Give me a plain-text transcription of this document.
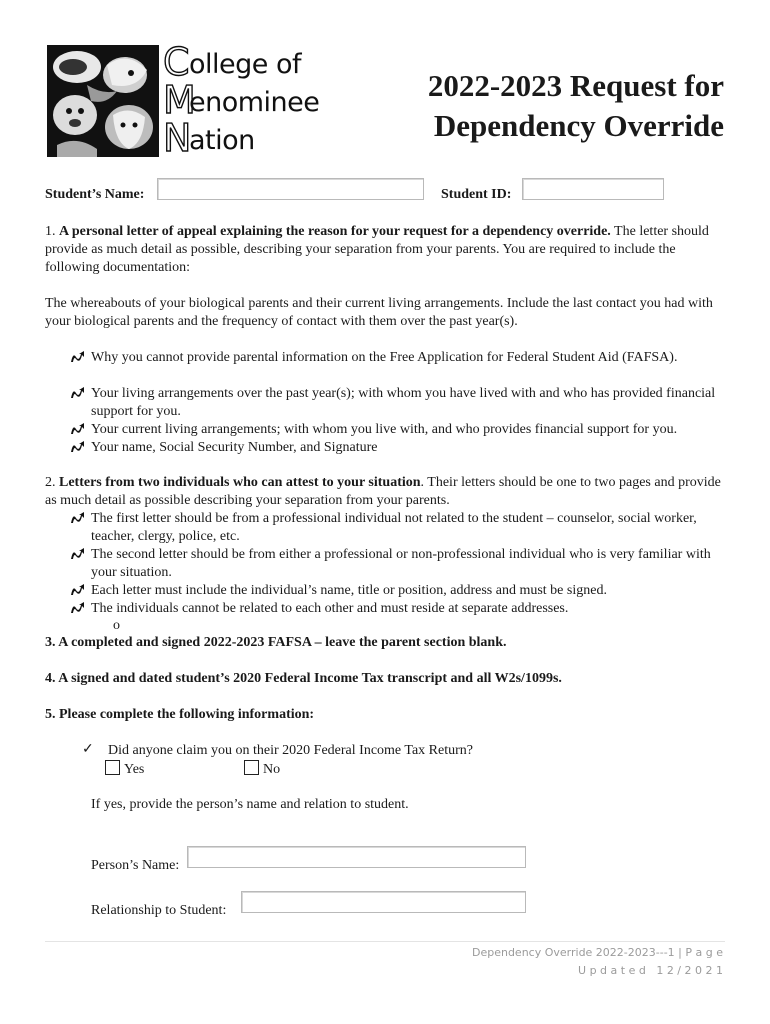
C ollege of
M
enominee
N
ation
2022-2023 Request for
Dependency Override
Student’s Name:	Student ID:
1. A personal letter of appeal explaining the reason for your request for a dependency override. The letter should provide as much detail as possible, describing your separation from your parents. You are required to include the following documentation:
The whereabouts of your biological parents and their current living arrangements. Include the last contact you had with your biological parents and the frequency of contact with them over the past year(s).
Why you cannot provide parental information on the Free Application for Federal Student Aid (FAFSA).
Your living arrangements over the past year(s); with whom you have lived with and who has provided financial support for you.
Your current living arrangements; with whom you live with, and who provides financial support for you.
Your name, Social Security Number, and Signature
2. Letters from two individuals who can attest to your situation. Their letters should be one to two pages and provide as much detail as possible describing your separation from your parents.
The first letter should be from a professional individual not related to the student – counselor, social worker, teacher, clergy, police, etc.
The second letter should be from either a professional or non-professional individual who is very familiar with your situation.
Each letter must include the individual’s name, title or position, address and must be signed.
The individuals cannot be related to each other and must reside at separate addresses.
o
3. A completed and signed 2022-2023 FAFSA – leave the parent section blank.
4. A signed and dated student’s 2020 Federal Income Tax transcript and all W2s/1099s.
5. Please complete the following information:
✓ Did anyone claim you on their 2020 Federal Income Tax Return?
Yes	No
If yes, provide the person’s name and relation to student.
Person’s Name:
Relationship to Student:
Dependency Override 2022-2023---1 | P a g e
U p d a t e d   1 2 / 2 0 2 1
